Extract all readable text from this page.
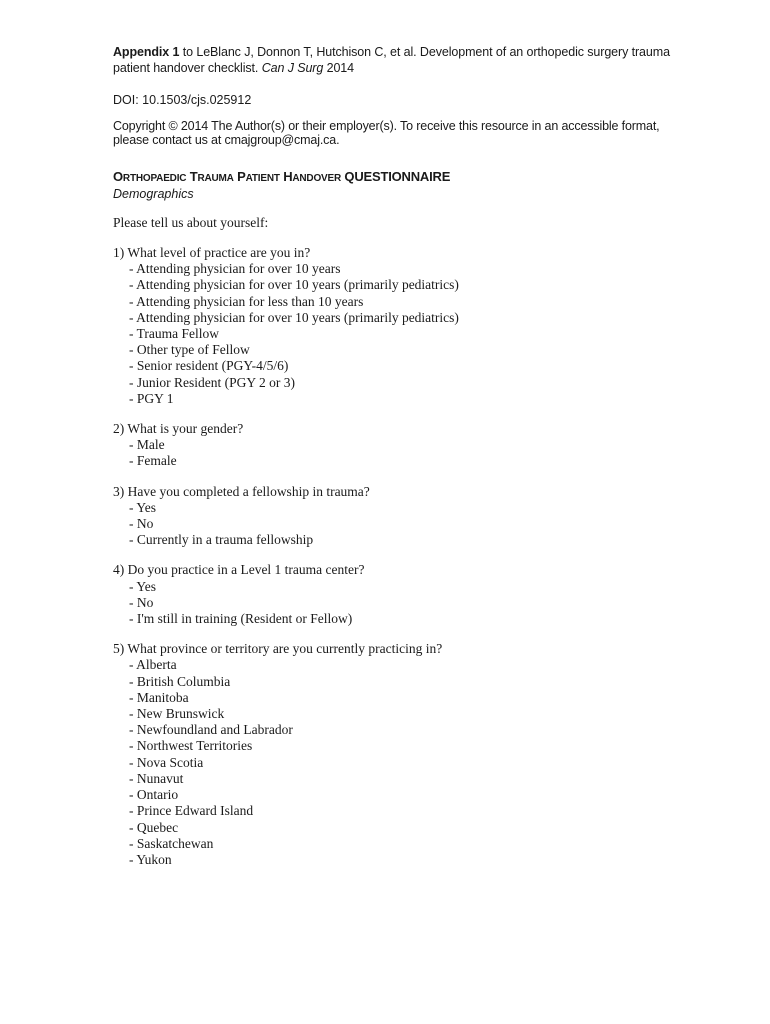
Appendix 1 to LeBlanc J, Donnon T, Hutchison C, et al. Development of an orthopedic surgery trauma patient handover checklist. Can J Surg 2014
DOI: 10.1503/cjs.025912
Copyright © 2014 The Author(s) or their employer(s). To receive this resource in an accessible format, please contact us at cmajgroup@cmaj.ca.
ORTHOPAEDIC TRAUMA PATIENT HANDOVER QUESTIONNAIRE
Demographics
Please tell us about yourself:
1) What level of practice are you in?
- Attending physician for over 10 years
- Attending physician for over 10 years (primarily pediatrics)
- Attending physician for less than 10 years
- Attending physician for over 10 years (primarily pediatrics)
- Trauma Fellow
- Other type of Fellow
- Senior resident (PGY-4/5/6)
- Junior Resident (PGY 2 or 3)
- PGY 1
2) What is your gender?
- Male
- Female
3) Have you completed a fellowship in trauma?
- Yes
- No
- Currently in a trauma fellowship
4) Do you practice in a Level 1 trauma center?
- Yes
- No
- I'm still in training (Resident or Fellow)
5) What province or territory are you currently practicing in?
- Alberta
- British Columbia
- Manitoba
- New Brunswick
- Newfoundland and Labrador
- Northwest Territories
- Nova Scotia
- Nunavut
- Ontario
- Prince Edward Island
- Quebec
- Saskatchewan
- Yukon
